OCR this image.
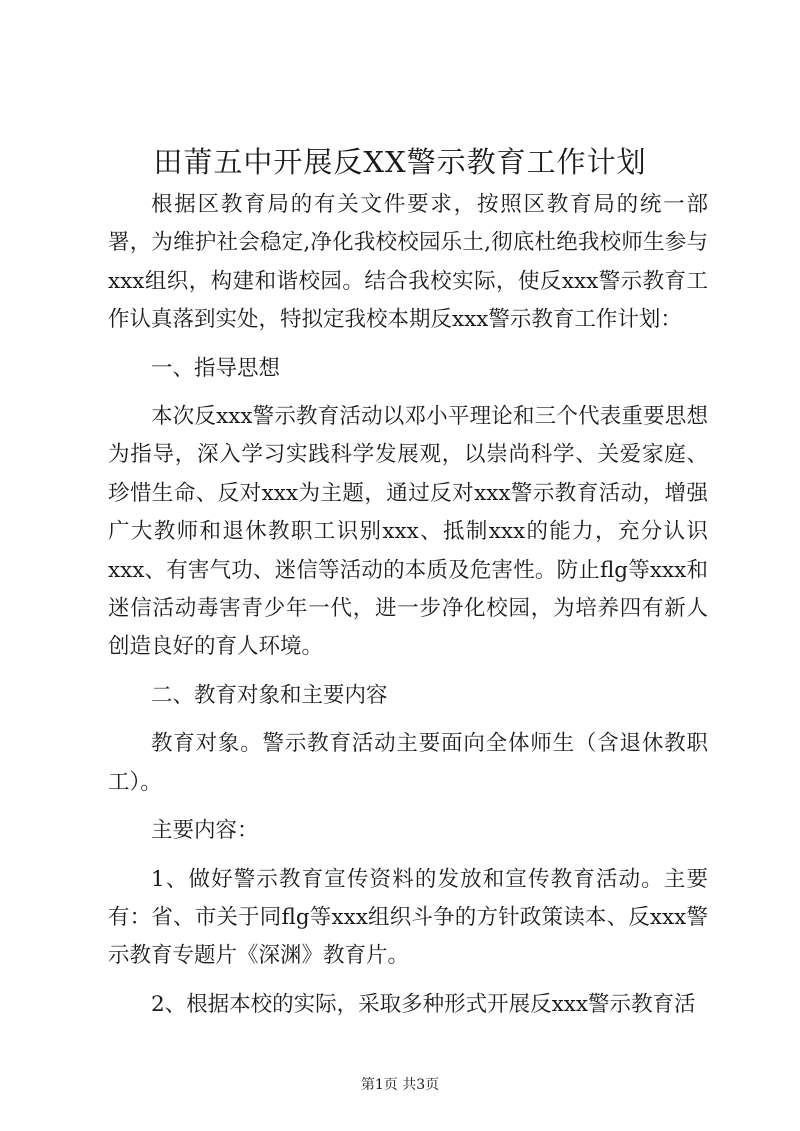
田莆五中开展反XX警示教育工作计划

根据区教育局的有关文件要求，按照区教育局的统一部署，为维护社会稳定,净化我校校园乐土,彻底杜绝我校师生参与xxx组织，构建和谐校园。结合我校实际，使反xxx警示教育工作认真落到实处，特拟定我校本期反xxx警示教育工作计划：

一、指导思想

本次反xxx警示教育活动以邓小平理论和三个代表重要思想为指导，深入学习实践科学发展观，以崇尚科学、关爱家庭、珍惜生命、反对xxx为主题，通过反对xxx警示教育活动，增强广大教师和退休教职工识别xxx、抵制xxx的能力，充分认识xxx、有害气功、迷信等活动的本质及危害性。防止flg等xxx和迷信活动毒害青少年一代，进一步净化校园，为培养四有新人创造良好的育人环境。

二、教育对象和主要内容

教育对象。警示教育活动主要面向全体师生（含退休教职工）。

主要内容：

1、做好警示教育宣传资料的发放和宣传教育活动。主要有：省、市关于同flg等xxx组织斗争的方针政策读本、反xxx警示教育专题片《深渊》教育片。

2、根据本校的实际，采取多种形式开展反xxx警示教育活

第1页 共3页
